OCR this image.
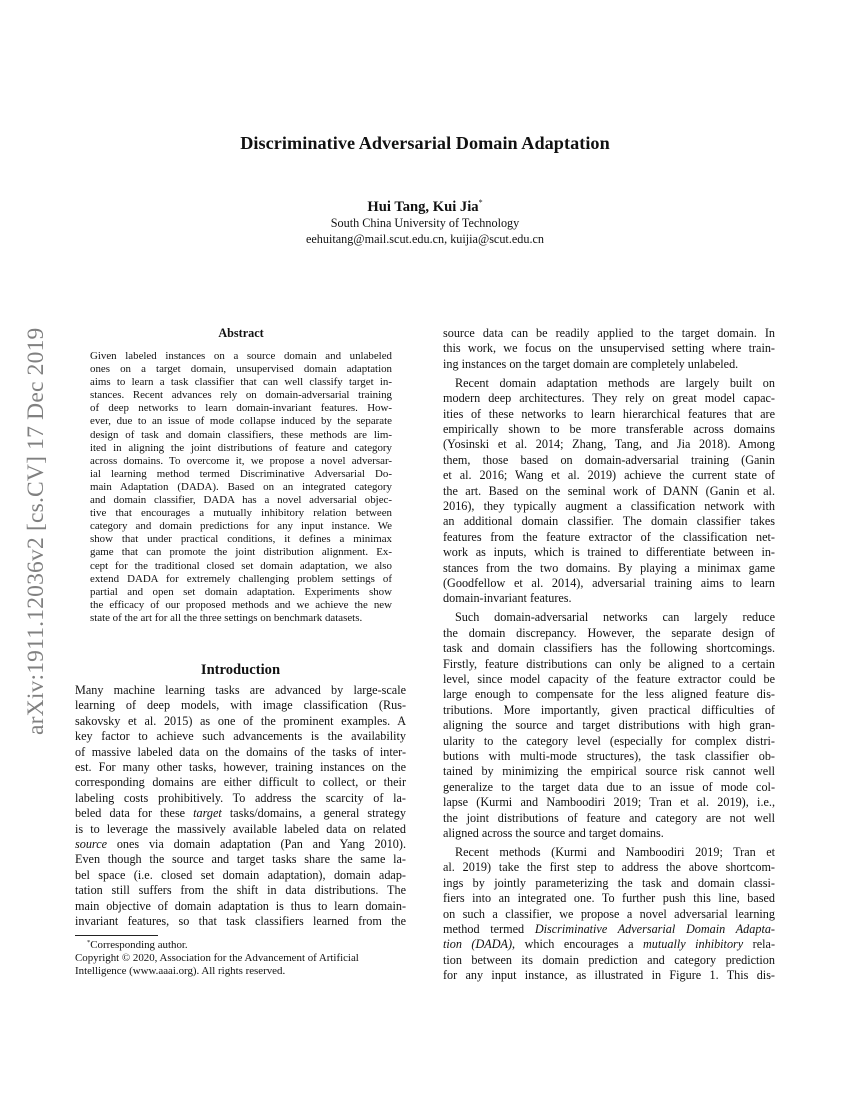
Discriminative Adversarial Domain Adaptation
Hui Tang, Kui Jia*
South China University of Technology
eehuitang@mail.scut.edu.cn, kuijia@scut.edu.cn
arXiv:1911.12036v2 [cs.CV] 17 Dec 2019	Abstract
Given labeled instances on a source domain and unlabeled
ones on a target domain, unsupervised domain adaptation
aims to learn a task classifier that can well classify target in-
stances. Recent advances rely on domain-adversarial training
of deep networks to learn domain-invariant features. How-
ever, due to an issue of mode collapse induced by the separate
design of task and domain classifiers, these methods are lim-
ited in aligning the joint distributions of feature and category
across domains. To overcome it, we propose a novel adversar-
ial learning method termed Discriminative Adversarial Do-
main Adaptation (DADA). Based on an integrated category
and domain classifier, DADA has a novel adversarial objec-
tive that encourages a mutually inhibitory relation between
category and domain predictions for any input instance. We
show that under practical conditions, it defines a minimax
game that can promote the joint distribution alignment. Ex-
cept for the traditional closed set domain adaptation, we also
extend DADA for extremely challenging problem settings of
partial and open set domain adaptation. Experiments show
the efficacy of our proposed methods and we achieve the new
state of the art for all the three settings on benchmark datasets.
Introduction
Many machine learning tasks are advanced by large-scale
learning of deep models, with image classification (Rus-
sakovsky et al. 2015) as one of the prominent examples. A
key factor to achieve such advancements is the availability
of massive labeled data on the domains of the tasks of inter-
est. For many other tasks, however, training instances on the
corresponding domains are either difficult to collect, or their
labeling costs prohibitively. To address the scarcity of la-
beled data for these target tasks/domains, a general strategy
is to leverage the massively available labeled data on related
source ones via domain adaptation (Pan and Yang 2010).
Even though the source and target tasks share the same la-
bel space (i.e. closed set domain adaptation), domain adap-
tation still suffers from the shift in data distributions. The
main objective of domain adaptation is thus to learn domain-
invariant features, so that task classifiers learned from the
*Corresponding author.
Copyright © 2020, Association for the Advancement of Artificial
Intelligence (www.aaai.org). All rights reserved.
source data can be readily applied to the target domain. In
this work, we focus on the unsupervised setting where train-
ing instances on the target domain are completely unlabeled.
Recent domain adaptation methods are largely built on
modern deep architectures. They rely on great model capac-
ities of these networks to learn hierarchical features that are
empirically shown to be more transferable across domains
(Yosinski et al. 2014; Zhang, Tang, and Jia 2018). Among
them, those based on domain-adversarial training (Ganin
et al. 2016; Wang et al. 2019) achieve the current state of
the art. Based on the seminal work of DANN (Ganin et al.
2016), they typically augment a classification network with
an additional domain classifier. The domain classifier takes
features from the feature extractor of the classification net-
work as inputs, which is trained to differentiate between in-
stances from the two domains. By playing a minimax game
(Goodfellow et al. 2014), adversarial training aims to learn
domain-invariant features.
Such domain-adversarial networks can largely reduce
the domain discrepancy. However, the separate design of
task and domain classifiers has the following shortcomings.
Firstly, feature distributions can only be aligned to a certain
level, since model capacity of the feature extractor could be
large enough to compensate for the less aligned feature dis-
tributions. More importantly, given practical difficulties of
aligning the source and target distributions with high gran-
ularity to the category level (especially for complex distri-
butions with multi-mode structures), the task classifier ob-
tained by minimizing the empirical source risk cannot well
generalize to the target data due to an issue of mode col-
lapse (Kurmi and Namboodiri 2019; Tran et al. 2019), i.e.,
the joint distributions of feature and category are not well
aligned across the source and target domains.
Recent methods (Kurmi and Namboodiri 2019; Tran et
al. 2019) take the first step to address the above shortcom-
ings by jointly parameterizing the task and domain classi-
fiers into an integrated one. To further push this line, based
on such a classifier, we propose a novel adversarial learning
method termed Discriminative Adversarial Domain Adapta-
tion (DADA), which encourages a mutually inhibitory rela-
tion between its domain prediction and category prediction
for any input instance, as illustrated in Figure 1. This dis-
